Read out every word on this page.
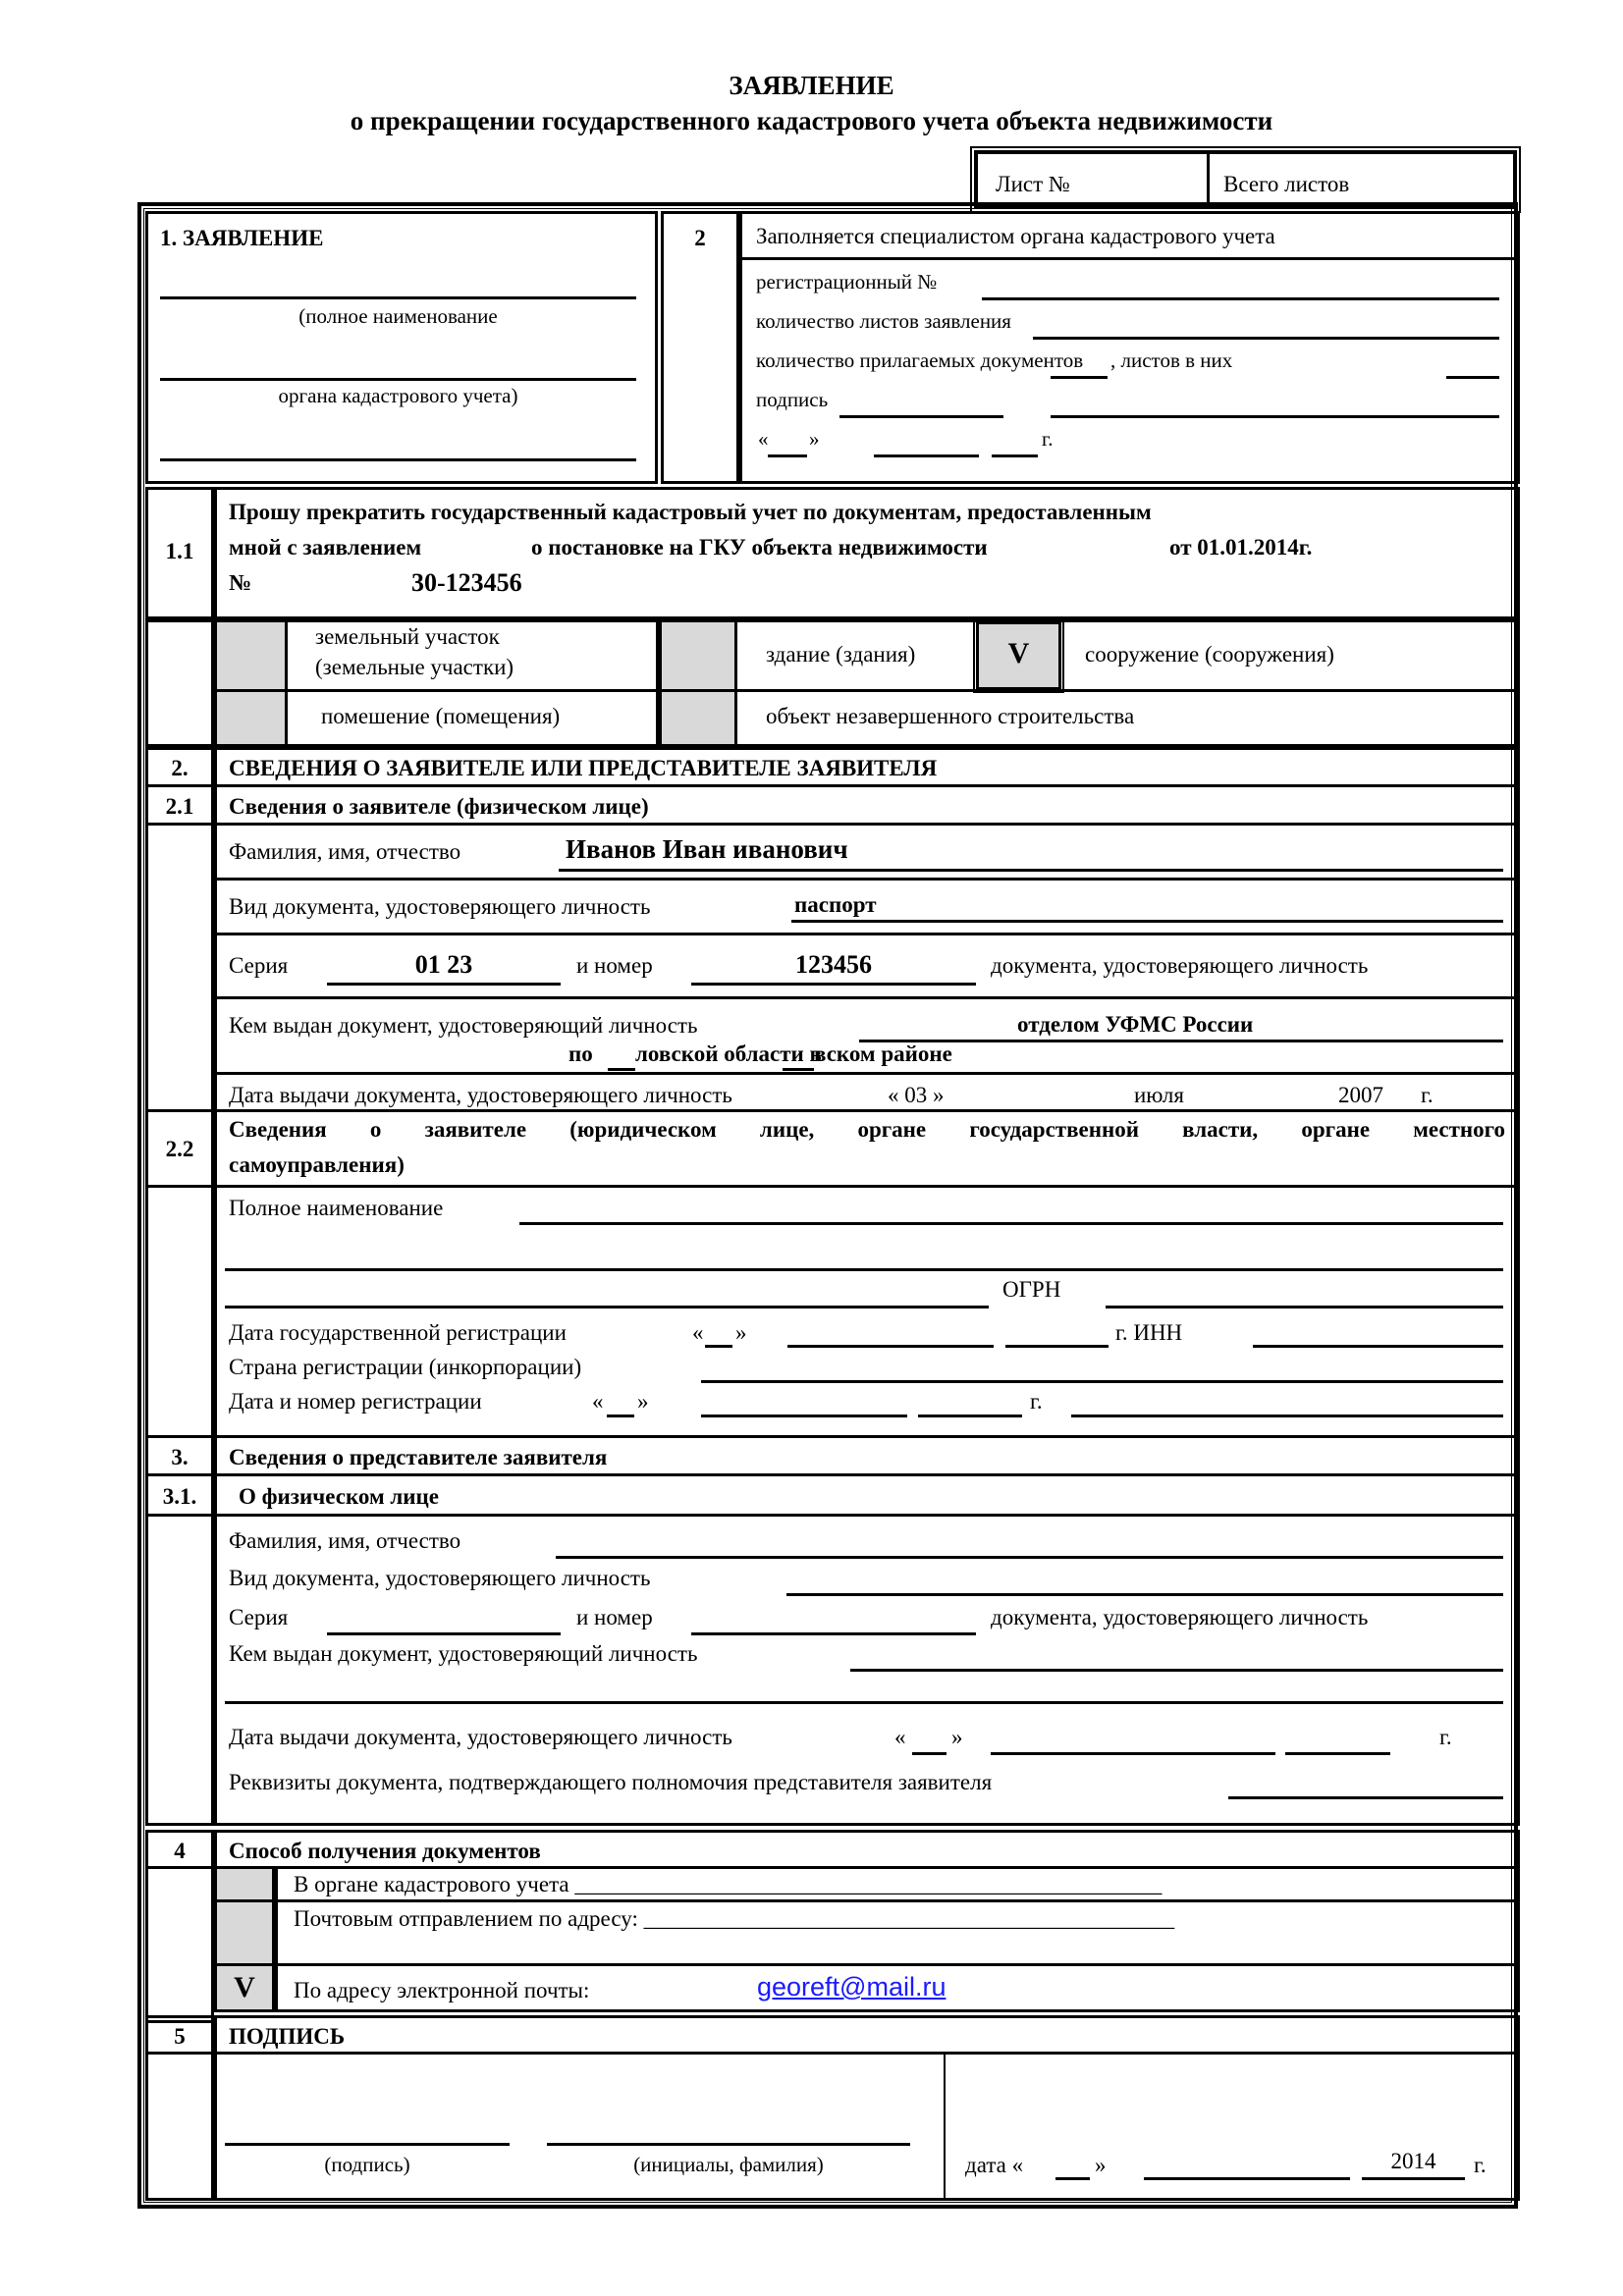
ЗАЯВЛЕНИЕ
о прекращении государственного кадастрового учета объекта недвижимости
Лист №	Всего листов
1. ЗАЯВЛЕНИЕ
(полное наименование
органа кадастрового учета)
2	Заполняется специалистом органа кадастрового учета
регистрационный №
количество листов заявления
количество прилагаемых документов , листов в них
подпись
« »	г.
1.1
Прошу прекратить государственный кадастровый учет по документам, предоставленным
мной с заявлением	о постановке на ГКУ объекта недвижимости	от 01.01.2014г.
№	30-123456
земельный участок
(земельные участки)
здание (здания)	V	сооружение (сооружения)
помешение (помещения)	объект незавершенного строительства
2.	СВЕДЕНИЯ О ЗАЯВИТЕЛЕ ИЛИ ПРЕДСТАВИТЕЛЕ ЗАЯВИТЕЛЯ
2.1	Сведения о заявителе (физическом лице)
Фамилия, имя, отчество	Иванов Иван иванович
Вид документа, удостоверяющего личность	паспорт
Серия	01 23	и номер	123456	документа, удостоверяющего личность
Кем выдан документ, удостоверяющий личность	отделом УФМС России
по ловской области в
вском районе
Дата выдачи документа, удостоверяющего личность	« 03 »	июля	2007 г.
2.2
Сведения о заявителе (юридическом лице, органе государственной власти, органе местного
самоуправления)
Полное наименование
ОГРН
Дата государственной регистрации	« »	г. ИНН
Страна регистрации (инкорпорации)
Дата и номер регистрации	« »	г.
3.	Сведения о представителе заявителя
3.1.	О физическом лице
Фамилия, имя, отчество
Вид документа, удостоверяющего личность
Серия	и номер	документа, удостоверяющего личность
Кем выдан документ, удостоверяющий личность
Дата выдачи документа, удостоверяющего личность	« »	г.
Реквизиты документа, подтверждающего полномочия представителя заявителя
4	Способ получения документов
В органе кадастрового учета ____________________________________________________
Почтовым отправлением по адресу: _______________________________________________
V	По адресу электронной почты:	georeft@mail.ru
5	ПОДПИСЬ
(подпись)	(инициалы, фамилия)	дата «	»	2014	г.
